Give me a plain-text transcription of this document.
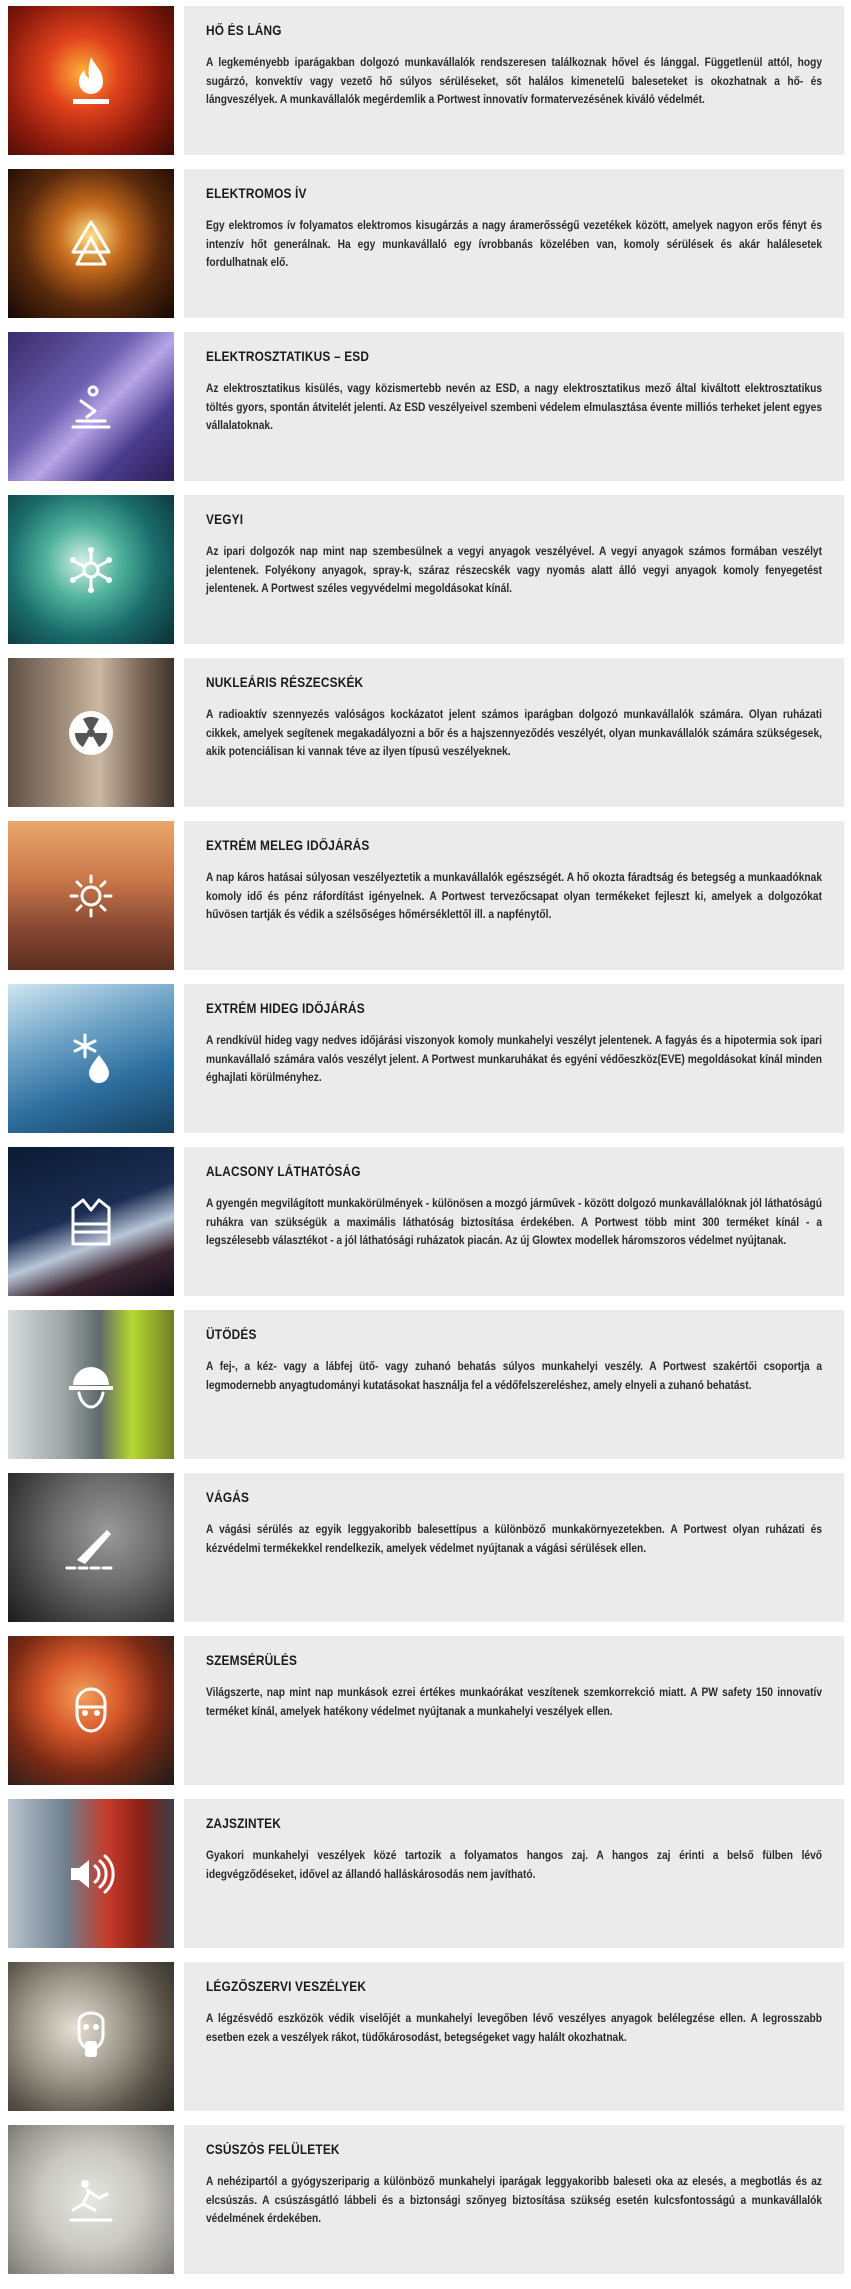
HŐ ÉS LÁNG

A legkeményebb iparágakban dolgozó munkavállalók rendszeresen találkoznak hővel és lánggal. Függetlenül attól, hogy sugárzó, konvektív vagy vezető hő súlyos sérüléseket, sőt halálos kimenetelű baleseteket is okozhatnak a hő- és lángveszélyek. A munkavállalók megérdemlik a Portwest innovatív formatervezésének kiváló védelmét.

ELEKTROMOS ÍV

Egy elektromos ív folyamatos elektromos kisugárzás a nagy áramerősségű vezetékek között, amelyek nagyon erős fényt és intenzív hőt generálnak. Ha egy munkavállaló egy ívrobbanás közelében van, komoly sérülések és akár halálesetek fordulhatnak elő.

ELEKTROSZTATIKUS – ESD

Az elektrosztatikus kisülés, vagy közismertebb nevén az ESD, a nagy elektrosztatikus mező által kiváltott elektrosztatikus töltés gyors, spontán átvitelét jelenti. Az ESD veszélyeivel szembeni védelem elmulasztása évente milliós terheket jelent egyes vállalatoknak.

VEGYI

Az ipari dolgozók nap mint nap szembesülnek a vegyi anyagok veszélyével. A vegyi anyagok számos formában veszélyt jelentenek. Folyékony anyagok, spray-k, száraz részecskék vagy nyomás alatt álló vegyi anyagok komoly fenyegetést jelentenek. A Portwest széles vegyvédelmi megoldásokat kínál.

NUKLEÁRIS RÉSZECSKÉK

A radioaktív szennyezés valóságos kockázatot jelent számos iparágban dolgozó munkavállalók számára. Olyan ruházati cikkek, amelyek segítenek megakadályozni a bőr és a hajszennyeződés veszélyét, olyan munkavállalók számára szükségesek, akik potenciálisan ki vannak téve az ilyen típusú veszélyeknek.

EXTRÉM MELEG IDŐJÁRÁS

A nap káros hatásai súlyosan veszélyeztetik a munkavállalók egészségét. A hő okozta fáradtság és betegség a munkaadóknak komoly idő és pénz ráfordítást igényelnek. A Portwest tervezőcsapat olyan termékeket fejleszt ki, amelyek a dolgozókat hűvösen tartják és védik a szélsőséges hőmérséklettől ill. a napfénytől.

EXTRÉM HIDEG IDŐJÁRÁS

A rendkívül hideg vagy nedves időjárási viszonyok komoly munkahelyi veszélyt jelentenek. A fagyás és a hipotermia sok ipari munkavállaló számára valós veszélyt jelent. A Portwest munkaruhákat és egyéni védőeszköz(EVE) megoldásokat kínál minden éghajlati körülményhez.

ALACSONY LÁTHATÓSÁG

A gyengén megvilágított munkakörülmények - különösen a mozgó járművek - között dolgozó munkavállalóknak jól láthatóságú ruhákra van szükségük a maximális láthatóság biztosítása érdekében. A Portwest több mint 300 terméket kínál - a legszélesebb választékot - a jól láthatósági ruházatok piacán. Az új Glowtex modellek háromszoros védelmet nyújtanak.

ÜTŐDÉS

A fej-, a kéz- vagy a lábfej ütő- vagy zuhanó behatás súlyos munkahelyi veszély. A Portwest szakértői csoportja a legmodernebb anyagtudományi kutatásokat használja fel a védőfelszereléshez, amely elnyeli a zuhanó behatást.

VÁGÁS

A vágási sérülés az egyik leggyakoribb balesettípus a különböző munkakörnyezetekben. A Portwest olyan ruházati és kézvédelmi termékekkel rendelkezik, amelyek védelmet nyújtanak a vágási sérülések ellen.

SZEMSÉRÜLÉS

Világszerte, nap mint nap munkások ezrei értékes munkaórákat veszítenek szemkorrekció miatt. A PW safety 150 innovatív terméket kínál, amelyek hatékony védelmet nyújtanak a munkahelyi veszélyek ellen.

ZAJSZINTEK

Gyakori munkahelyi veszélyek közé tartozik a folyamatos hangos zaj. A hangos zaj érinti a belső fülben lévő idegvégződéseket, idővel az állandó halláskárosodás nem javítható.

LÉGZŐSZERVI VESZÉLYEK

A légzésvédő eszközök védik viselőjét a munkahelyi levegőben lévő veszélyes anyagok belélegzése ellen. A legrosszabb esetben ezek a veszélyek rákot, tüdőkárosodást, betegségeket vagy halált okozhatnak.

CSÚSZÓS FELÜLETEK

A nehézipartól a gyógyszeriparig a különböző munkahelyi iparágak leggyakoribb baleseti oka az elesés, a megbotlás és az elcsúszás. A csúszásgátló lábbeli és a biztonsági szőnyeg biztosítása szükség esetén kulcsfontosságú a munkavállalók védelmének érdekében.
